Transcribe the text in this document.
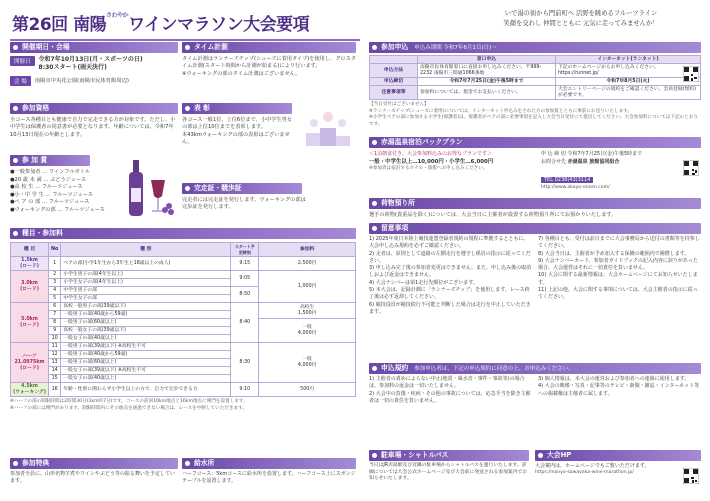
第26回 南陽$^{さわやか}$ワインマラソン大会要項
いで湯の街から門前町へ 活野を眺めるフルーツライン
笑顔を交わし 仲間とともに 元気に走ってみませんか！
開催期日・会場
開催日	令和7年10月13日(月・スポーツの日)
8:30スタート(雨天決行)
会 場	南陽市中央花公園(南陽市民体育館周辺)
参加資格
全コース各種目とも健康で自力で完走できる方が対象です。ただし、小中学生は保護者の同意書が必要となります。年齢については、令和7年10月13日現在の年齢とします。
参 加 賞
●一般参加者 … ワインフルボトル
●20 歳 未 満 … ぶどうジュース
●高 校 生 … フルーツジュース
●小・中 学 生 … フルーツジュース
●ペ ア の 部 … フルーツジュース
●ウォーキングの部 … フルーツジュース
タイム計測
タイム計測はランナーズチップ(シューズに着用タイプ)を使用し、グロスタイム計測(スタート時間から計測が始まる)により行います。
※ウォーキングの部のタイム計測はございません。
表 彰
各コース一般1位、上位6位まで、小中学生男女の部は上位10位までを表彰します。
本43kmウォーキングの部の表彰はございません。
完走証・競歩証
完走者には完走証を発行します。ウォーキングの部は完歩証を発行します。
種目・参加料
種 目	No	種 別	スタート予定時刻	参加料
1.5km
(ロード)	1	ペアの部(小学1年生から3年生と18歳以上の成人)	9:15	2,500円
3.0km
(ロード)	2	小学生男子の部(4年生以上)	9:05	1,000円
	3	小学生女子の部(4年生以上)		
	4	中学生男子の部	8:50	
	5	中学生女子の部		
5.0km
(ロード)	6	高校一般男子の部(39歳以下)	8:40	高校生
1,500円
	7	一般男子の部(40歳から59歳)		
	8	一般男子の部(60歳以上)		一般
4,000円
	9	高校一般女子の部(39歳以下)		
	10	一般女子の部(40歳以上)		
ハーフ
21.0975km
(ロード)	11	一般男子の部(39歳以下) ※高校生不可	8:30	一般
4,000円
	12	一般男子の部(40歳から59歳)		
	13	一般男子の部(60歳以上)		
	14	一般女子の部(39歳以下) ※高校生不可		
	15	一般女子の部(40歳以上)		
4.5km
(ウォーキング)	16	年齢・性別に関わらず小学生以上の方で、自力で完歩できる方	9:10	500円
※ハーフの部の制限時間は2時間30分(1km約7分)です。コースの前回10km地点と16km地点に関門を設置します。
※ハーフの部には関門があります。制限時間内にその地点を通過できない場合は、レースを中断していただきます。
参加特典
参加者全員に、山形名物芋煮やワインやぶどう等の振る舞いを予定しています。
給水所
ハーフコース：5kmコースに給水所を設置します。ハーフコース上にスポンジテーブルを設置します。
参加申込 申込み期間 令和7年6月1日(日)～
	窓口申込	インターネット(ランネット)
申込方法	南陽市民体育館窓口に直接お申し込みください。〒999-2232 南陽市三間通1066番地	下記のホームページからお申し込みください。https://runnet.jp/
申込締切	令和7年7月25日(金)午後5時まで	令和7年8月5日(火)
注意事項等	参加料については、現金でお支払いください。	大会エントリーページの規約をご確認ください。会員登録(無料)が必要です。
【当日受付はございません】
※ランナーズチップ(シューズに着用)については、インターネット申込みをされた方の参加賞とともに事前にお送りいたします。
※小学生ペアの部に参加する小学生(保護者)は、保護者がペアの部に必要事項を記入し大会当日受付にて提出してください。大会参加料については下記のとおりです。
赤湯温泉宿泊パックプラン
＜1泊朝食付き、大会参加料込みのお得なプランです＞
一般・中学生以上…10,000円・小学生…6,000円
※参加者は宿泊するホテル・旅館へお申し込みください。
申 込 締 切 令和7年7月25日(金)午後5時まで
お問合せ先 赤湯温泉 旅館協同組合
TEL 0238(43)3114
http://www.akayu-onsen.com/
荷物預り所
選手の荷物(貴重品を除く)については、大会当日に主催者が設置する荷物預り所にてお預かりいたします。
留意事項
1) 2025年度日本陸上競技連盟登録者規約の規程に準拠するとともに、大会申し込み規約を必ずご確認ください。
2) 走者は、原則として道路の左側走行を遵守し係員の指示に従ってください。
3) 申し込み完了後の参加者変更はできません。また、申し込み後の取消しおよび返金はできません。
4) 大会ナンバーは第1走行先順位がございます。
5) 本大会は、記録計測に「ランナーズチップ」を使用します。レース終了後は必ず返却してください。
6) 競技役員が競技続行不可能と判断した場合は走行を中止していただきます。
7) 各種目とも、受付は前日までに大会事務局から送付の書類等を持参してください。
8) 大会当日は、主催者が予め加入する保険の範囲内で補償します。
9) 大会ナンバーカード、参加者ガイドブックの記入内容に誤りがあった場合、大会運営はそれに一切責任を負いません。
10) 大会に関する最新情報は、大会ホームページにてお知らせいたします。
11) 上記の他、大会に関する事項については、大会主催者の指示に従ってください。
申込規約 参加申込者は、下記の申込規約に同意の上、お申込みください。
1) 主催者の責めによらない中止(地震・風水害・事件・事故等)の場合は、参加料の返金は一切いたしません。
2) 大会中の負傷・疾病・その他の事故については、応急手当を除き主催者は一切の責任を負いません。
3) 個人情報は、本大会の運営および参加者への連絡に使用します。
4) 大会の映像・写真・記事等のテレビ・新聞・雑誌・インターネット等への掲載権は主催者に属します。
駐車場・シャトルバス
当日はJR赤湯駅及び近隣の駐車場からシャトルバスを運行いたします。詳細については大会公式ホームページ及び大会前に発送される参加案内でお知らせいたします。
大会HP
大会案内は、ホームページでもご覧いただけます。
https://nanyo-sawayaka-wine-marathon.jp/
